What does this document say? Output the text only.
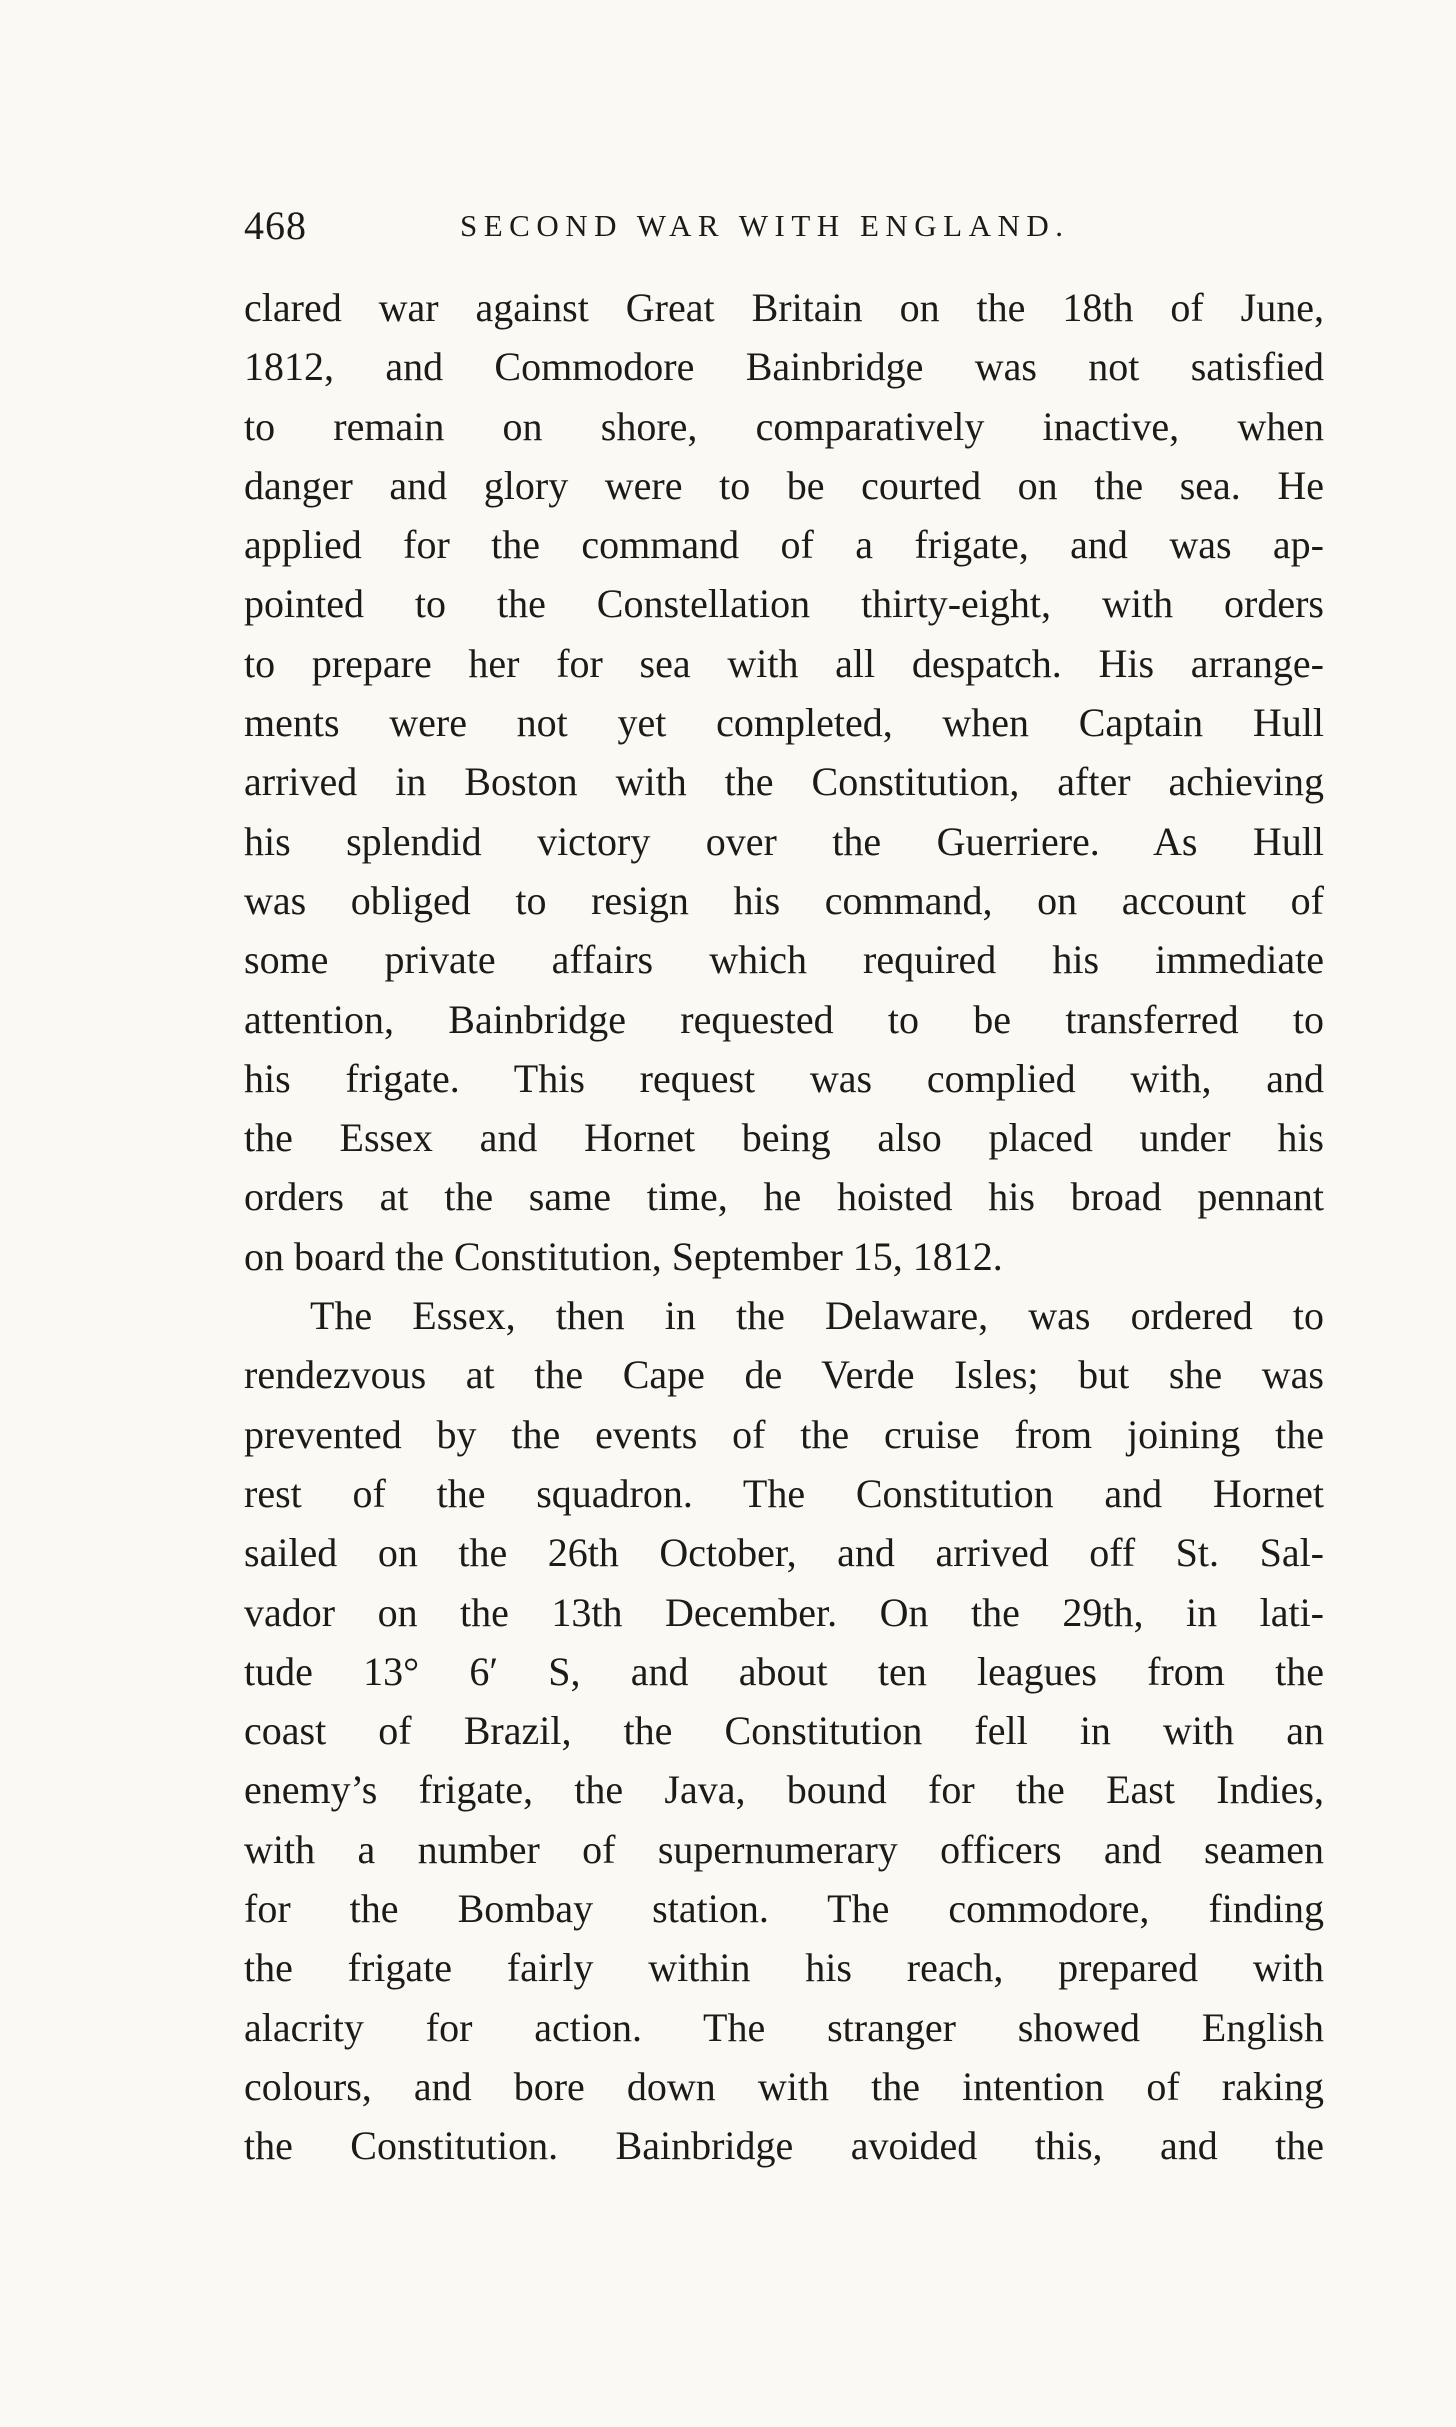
468	SECOND WAR WITH ENGLAND.
clared war against Great Britain on the 18th of June,
1812, and Commodore Bainbridge was not satisfied
to remain on shore, comparatively inactive, when
danger and glory were to be courted on the sea. He
applied for the command of a frigate, and was ap-
pointed to the Constellation thirty-eight, with orders
to prepare her for sea with all despatch. His arrange-
ments were not yet completed, when Captain Hull
arrived in Boston with the Constitution, after achieving
his splendid victory over the Guerriere. As Hull
was obliged to resign his command, on account of
some private affairs which required his immediate
attention, Bainbridge requested to be transferred to
his frigate. This request was complied with, and
the Essex and Hornet being also placed under his
orders at the same time, he hoisted his broad pennant
on board the Constitution, September 15, 1812.
The Essex, then in the Delaware, was ordered to
rendezvous at the Cape de Verde Isles; but she was
prevented by the events of the cruise from joining the
rest of the squadron. The Constitution and Hornet
sailed on the 26th October, and arrived off St. Sal-
vador on the 13th December. On the 29th, in lati-
tude 13° 6′ S, and about ten leagues from the
coast of Brazil, the Constitution fell in with an
enemy’s frigate, the Java, bound for the East Indies,
with a number of supernumerary officers and seamen
for the Bombay station. The commodore, finding
the frigate fairly within his reach, prepared with
alacrity for action. The stranger showed English
colours, and bore down with the intention of raking
the Constitution. Bainbridge avoided this, and the
